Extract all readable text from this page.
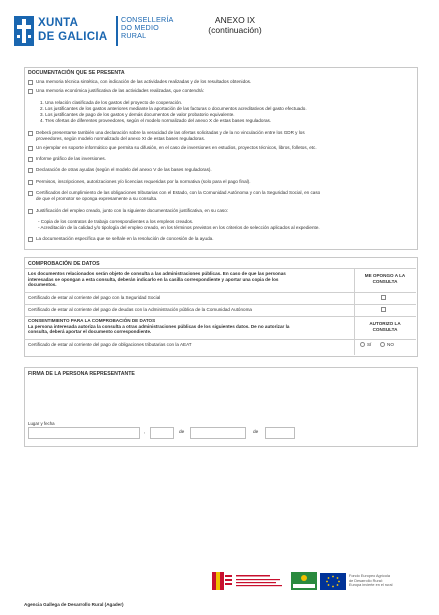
XUNTA
DE GALICIA
CONSELLERÍA
DO MEDIO
RURAL
ANEXO IX
(continuación)
DOCUMENTACIÓN QUE SE PRESENTA
Una memoria técnica sintética, con indicación de las actividades realizadas y de los resultados obtenidos.
Una memoria económica justificativa de las actividades realizadas, que contendrá:
1. Una relación clasificada de los gastos del proyecto de cooperación.
2. Los justificantes de los gastos anteriores mediante la aportación de las facturas o documentos acreditativos del gasto efectuado.
3. Los justificantes de pago de los gastos y demás documentos de valor probatorio equivalente.
4. Tres ofertas de diferentes proveedores, según el modelo normalizado del anexo X de estas bases reguladoras.
Deberá presentarse también una declaración sobre la veracidad de las ofertas solicitadas y de la no vinculación entre los GDR y los
proveedores, según modelo normalizado del anexo XI de estas bases reguladoras.
Un ejemplar en soporte informático que permita su difusión, en el caso de inversiones en estudios, proyectos técnicos, libros, folletos, etc.
Informe gráfico de las inversiones.
Declaración de otras ayudas (según el modelo del anexo V de las bases reguladoras).
Permisos, inscripciones, autorizaciones y/o licencias requeridas por la normativa (solo para el pago final).
Certificados del cumplimiento de las obligaciones tributarias con el Estado, con la Comunidad Autónoma y con la Seguridad Social, en caso
de que el promotor se oponga expresamente a su consulta.
Justificación del empleo creado, junto con la siguiente documentación justificativa, en su caso:
- Copia de los contratos de trabajo correspondientes a los empleos creados.
- Acreditación de la calidad y/o tipología del empleo creado, en los términos previstos en los criterios de selección aplicados al expediente.
La documentación específica que se señale en la resolución de concesión de la ayuda.
COMPROBACIÓN DE DATOS
Los documentos relacionados serán objeto de consulta a las administraciones públicas. En caso de que las personas
interesadas se opongan a esta consulta, deberán indicarlo en la casilla correspondiente y aportar una copia de los
documentos.
ME OPONGO A LA
CONSULTA
Certificado de estar al corriente del pago con la Seguridad Social
Certificado de estar al corriente del pago de deudas con la Administración pública de la Comunidad Autónoma
CONSENTIMIENTO PARA LA COMPROBACIÓN DE DATOS
La persona interesada autoriza la consulta a otras administraciones públicas de los siguientes datos. De no autorizar la
consulta, deberá aportar el documento correspondiente.
AUTORIZO LA
CONSULTA
Certificado de estar al corriente del pago de obligaciones tributarias con la AEAT	SÍ	NO
FIRMA DE LA PERSONA REPRESENTANTE
Lugar y fecha
,	de	de
Fondo Europeo Agrícola
de Desarrollo Rural:
Europa invierte en el rural
Agencia Gallega de Desarrollo Rural (Agader)
